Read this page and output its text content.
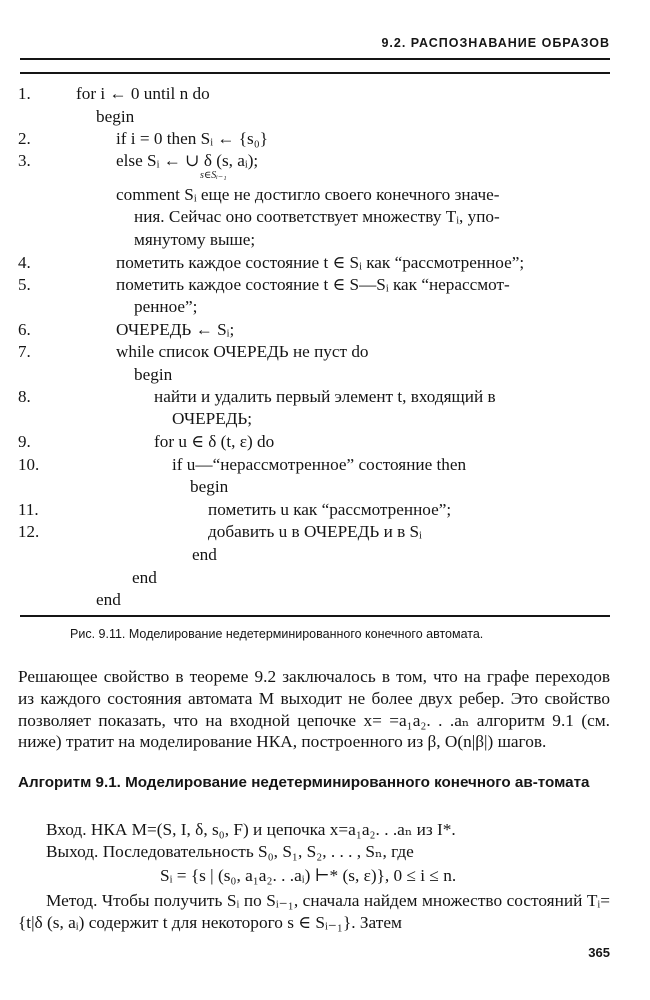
9.2. РАСПОЗНАВАНИЕ ОБРАЗОВ
1.
2.
3.
4.
5.
6.
7.
8.
9.
10.
11.
12.
for i ← 0 until n do
begin
if i = 0 then Sᵢ ← {s₀}
else Sᵢ ← ∪ δ (s, aᵢ);
s∈Sᵢ₋₁
comment Sᵢ еще не достигло своего конечного значе-
ния. Сейчас оно соответствует множеству Tᵢ, упо-
мянутому выше;
пометить каждое состояние t ∈ Sᵢ как “рассмотренное”;
пометить каждое состояние t ∈ S—Sᵢ как “нерассмот-
ренное”;
ОЧЕРЕДЬ ← Sᵢ;
while список ОЧЕРЕДЬ не пуст do
begin
найти и удалить первый элемент t, входящий в
ОЧЕРЕДЬ;
for u ∈ δ (t, ε) do
if u—“нерассмотренное” состояние then
begin
пометить u как “рассмотренное”;
добавить u в ОЧЕРЕДЬ и в Sᵢ
end
end
end
Рис. 9.11. Моделирование недетерминированного конечного автомата.
Решающее свойство в теореме 9.2 заключалось в том, что на графе переходов из каждого состояния автомата M выходит не более двух ребер. Это свойство позволяет показать, что на входной цепочке x= =a₁a₂. . .aₙ алгоритм 9.1 (см. ниже) тратит на моделирование НКА, построенного из β, O(n|β|) шагов.
Алгоритм 9.1. Моделирование недетерминированного конечного ав-томата
Вход. НКА M=(S, I, δ, s₀, F) и цепочка x=a₁a₂. . .aₙ из I*.
Выход. Последовательность S₀, S₁, S₂, . . . , Sₙ, где
Sᵢ = {s | (s₀, a₁a₂. . .aᵢ) ⊢* (s, ε)}, 0 ≤ i ≤ n.
Метод. Чтобы получить Sᵢ по Sᵢ₋₁, сначала найдем множество состояний Tᵢ={t|δ (s, aᵢ) содержит t для некоторого s ∈ Sᵢ₋₁}. Затем
365
